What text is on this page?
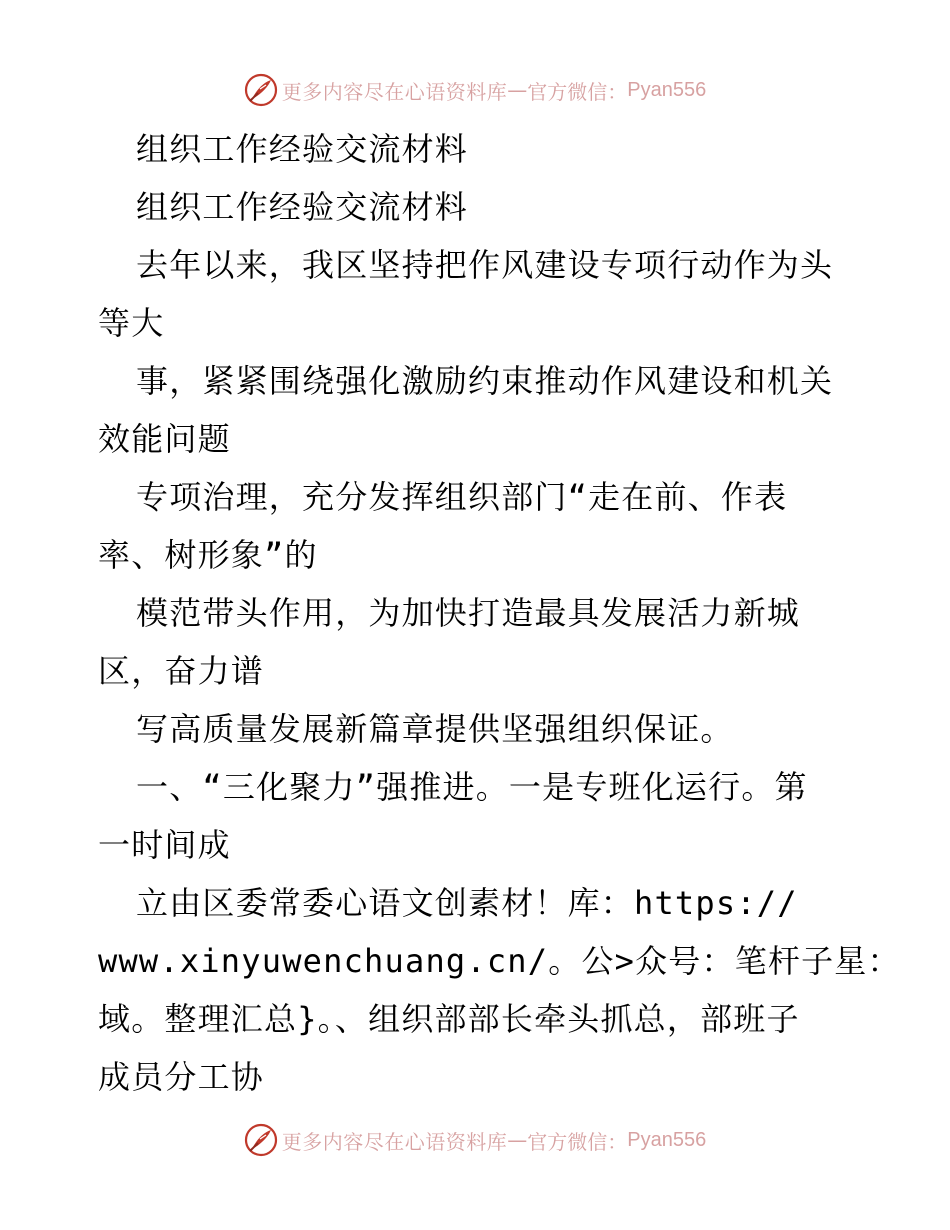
更多内容尽在心语资料库 — 官方微信： Pyan556
组织工作经验交流材料
组织工作经验交流材料
去年以来，我区坚持把作风建设专项行动作为头
等大
事，紧紧围绕强化激励约束推动作风建设和机关
效能问题
专项治理，充分发挥组织部门“走在前、作表
率、树形象”的
模范带头作用，为加快打造最具发展活力新城
区，奋力谱
写高质量发展新篇章提供坚强组织保证。
一、“三化聚力”强推进。一是专班化运行。第
一时间成
立由区委常委心语文创素材！库：https://
www.xinyuwenchuang.cn/。公>众号：笔杆子星：
域。整理汇总}。、组织部部长牵头抓总，部班子
成员分工协
更多内容尽在心语资料库 — 官方微信： Pyan556
